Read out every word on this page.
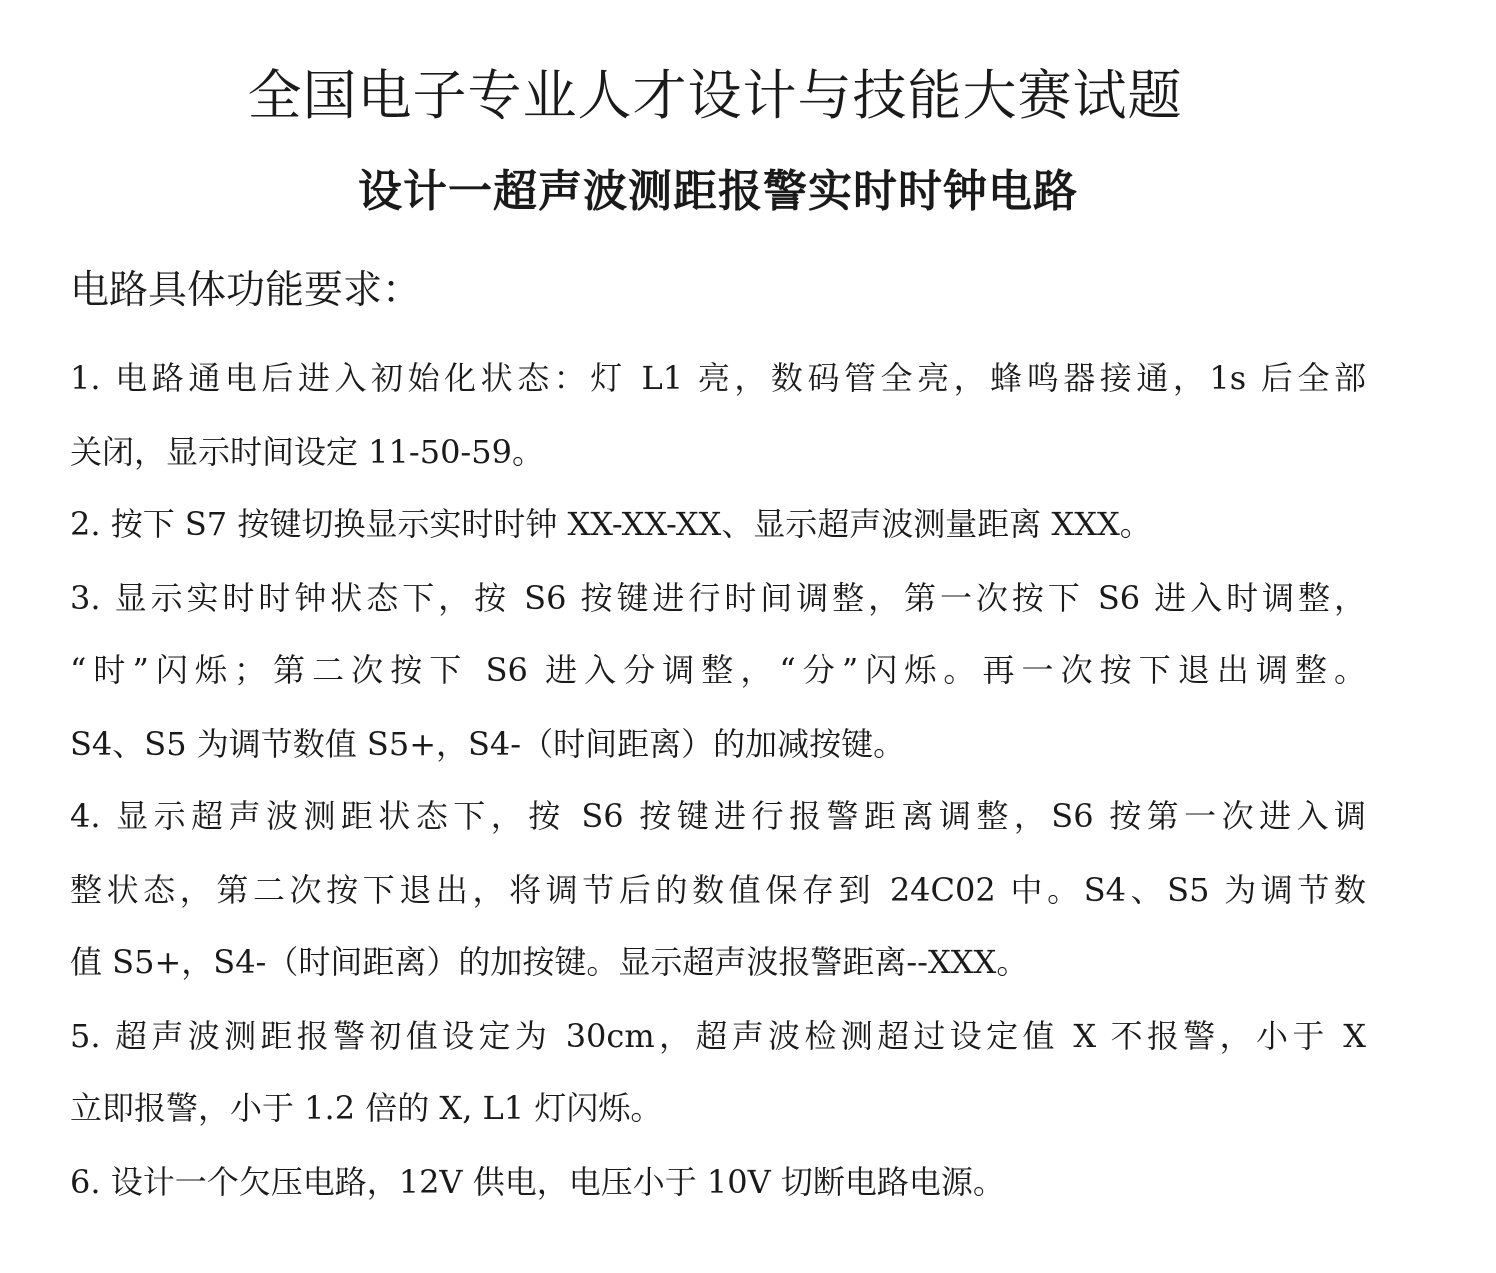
全国电子专业人才设计与技能大赛试题
设计一超声波测距报警实时时钟电路
电路具体功能要求：
1. 电路通电后进入初始化状态：灯 L1 亮，数码管全亮，蜂鸣器接通，1s 后全部
关闭，显示时间设定 11-50-59。
2. 按下 S7 按键切换显示实时时钟 XX-XX-XX、显示超声波测量距离 XXX。
3. 显示实时时钟状态下，按 S6 按键进行时间调整，第一次按下 S6 进入时调整，
“时”闪烁；第二次按下 S6 进入分调整，“分”闪烁。再一次按下退出调整。
S4、S5 为调节数值 S5+，S4-（时间距离）的加减按键。
4. 显示超声波测距状态下，按 S6 按键进行报警距离调整，S6 按第一次进入调
整状态，第二次按下退出，将调节后的数值保存到 24C02 中。S4、S5 为调节数
值 S5+，S4-（时间距离）的加按键。显示超声波报警距离--XXX。
5. 超声波测距报警初值设定为 30cm，超声波检测超过设定值 X 不报警，小于 X
立即报警，小于 1.2 倍的 X, L1 灯闪烁。
6. 设计一个欠压电路，12V 供电，电压小于 10V 切断电路电源。
